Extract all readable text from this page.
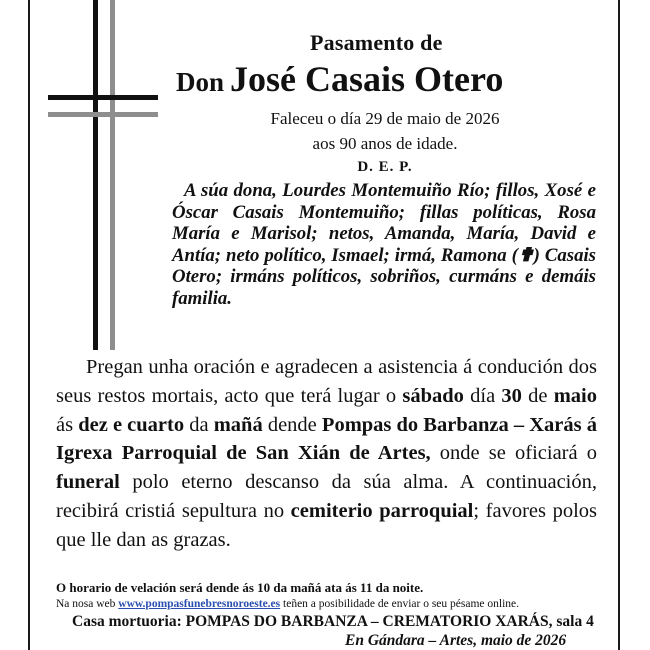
Pasamento de
Don José Casais Otero
Faleceu o día 29 de maio de 2026
aos 90 anos de idade.
D. E. P.
A súa dona, Lourdes Montemuiño Río; fillos, Xosé e Óscar Casais Montemuiño; fillas políticas, Rosa María e Marisol; netos, Amanda, María, David e Antía; neto político, Ismael; irmá, Ramona (✟) Casais Otero; irmáns políticos, sobriños, curmáns e demáis familia.
Pregan unha oración e agradecen a asistencia á condución dos seus restos mortais, acto que terá lugar o sábado día 30 de maio ás dez e cuarto da mañá dende Pompas do Barbanza – Xarás á Igrexa Parroquial de San Xián de Artes, onde se oficiará o funeral polo eterno descanso da súa alma. A continuación, recibirá cristiá sepultura no cemiterio parroquial; favores polos que lle dan as grazas.
O horario de velación será dende ás 10 da mañá ata ás 11 da noite.
Na nosa web www.pompasfunebresnoroeste.es teñen a posibilidade de enviar o seu pésame online.
Casa mortuoria: POMPAS DO BARBANZA – CREMATORIO XARÁS, sala 4
En Gándara – Artes, maio de 2026
